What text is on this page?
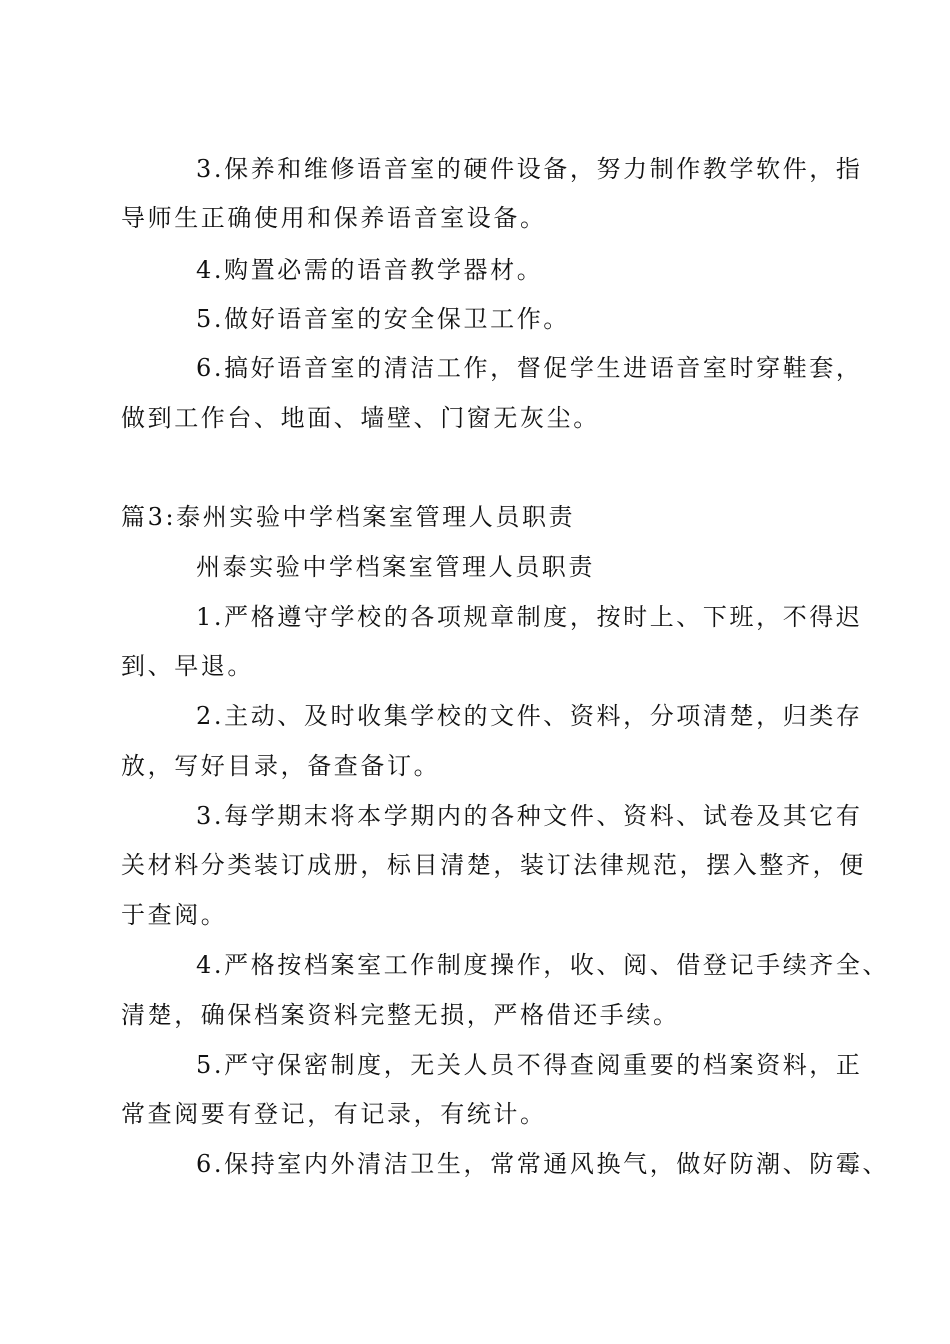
3.保养和维修语音室的硬件设备，努力制作教学软件，指
导师生正确使用和保养语音室设备。
4.购置必需的语音教学器材。
5.做好语音室的安全保卫工作。
6.搞好语音室的清洁工作，督促学生进语音室时穿鞋套，
做到工作台、地面、墙壁、门窗无灰尘。
篇3:泰州实验中学档案室管理人员职责
州泰实验中学档案室管理人员职责
1.严格遵守学校的各项规章制度，按时上、下班，不得迟
到、早退。
2.主动、及时收集学校的文件、资料，分项清楚，归类存
放，写好目录，备查备订。
3.每学期末将本学期内的各种文件、资料、试卷及其它有
关材料分类装订成册，标目清楚，装订法律规范，摆入整齐，便
于查阅。
4.严格按档案室工作制度操作，收、阅、借登记手续齐全、
清楚，确保档案资料完整无损，严格借还手续。
5.严守保密制度，无关人员不得查阅重要的档案资料，正
常查阅要有登记，有记录，有统计。
6.保持室内外清洁卫生，常常通风换气，做好防潮、防霉、
